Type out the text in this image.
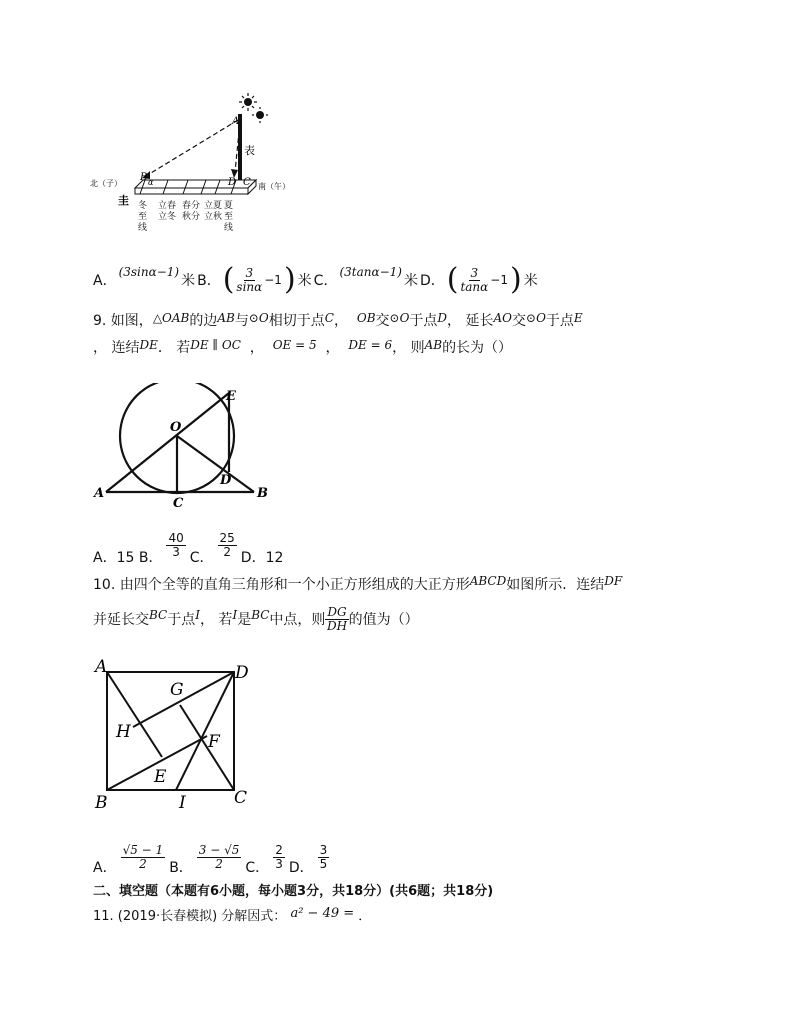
A
表
B α	D C
北（子）	南（午）
圭 冬至线
立春立冬
春分秋分
立夏立秋
夏至线
A．
(3sinα−1)
米 B． ( $\frac{3}{\sin\alpha} -1$ ) 米 C．
(3tanα−1)
米 D． ( $\frac{3}{\tan\alpha} -1$ ) 米
9. 如图，△OAB的边AB与⊙O相切于点C， OB交⊙O于点D， 延长AO交⊙O于点E
， 连结DE． 若DE ∥ OC ， OE = 5 ， DE = 6， 则AB的长为（）
O
E
D
A	B
C
A．15 B． $\frac{40}{3}$ C． $\frac{25}{2}$ D．12
10. 由四个全等的直角三角形和一个小正方形组成的大正方形ABCD如图所示．连结DF
并延长交 BC 于点 I ， 若 I 是 BC 中点，则 $\frac{DG}{DH}$ 的值为（）
A	D
G
H	F
E
B	I	C
A． $\frac{√5 - 1}{2}$ B． $\frac{3 - √5}{2}$ C． $\frac{2}{3}$ D． $\frac{3}{5}$
二、填空题（本题有6小题，每小题3分，共18分）(共6题；共18分)
11. (2019·长春模拟) 分解因式： a² − 49 = ．
